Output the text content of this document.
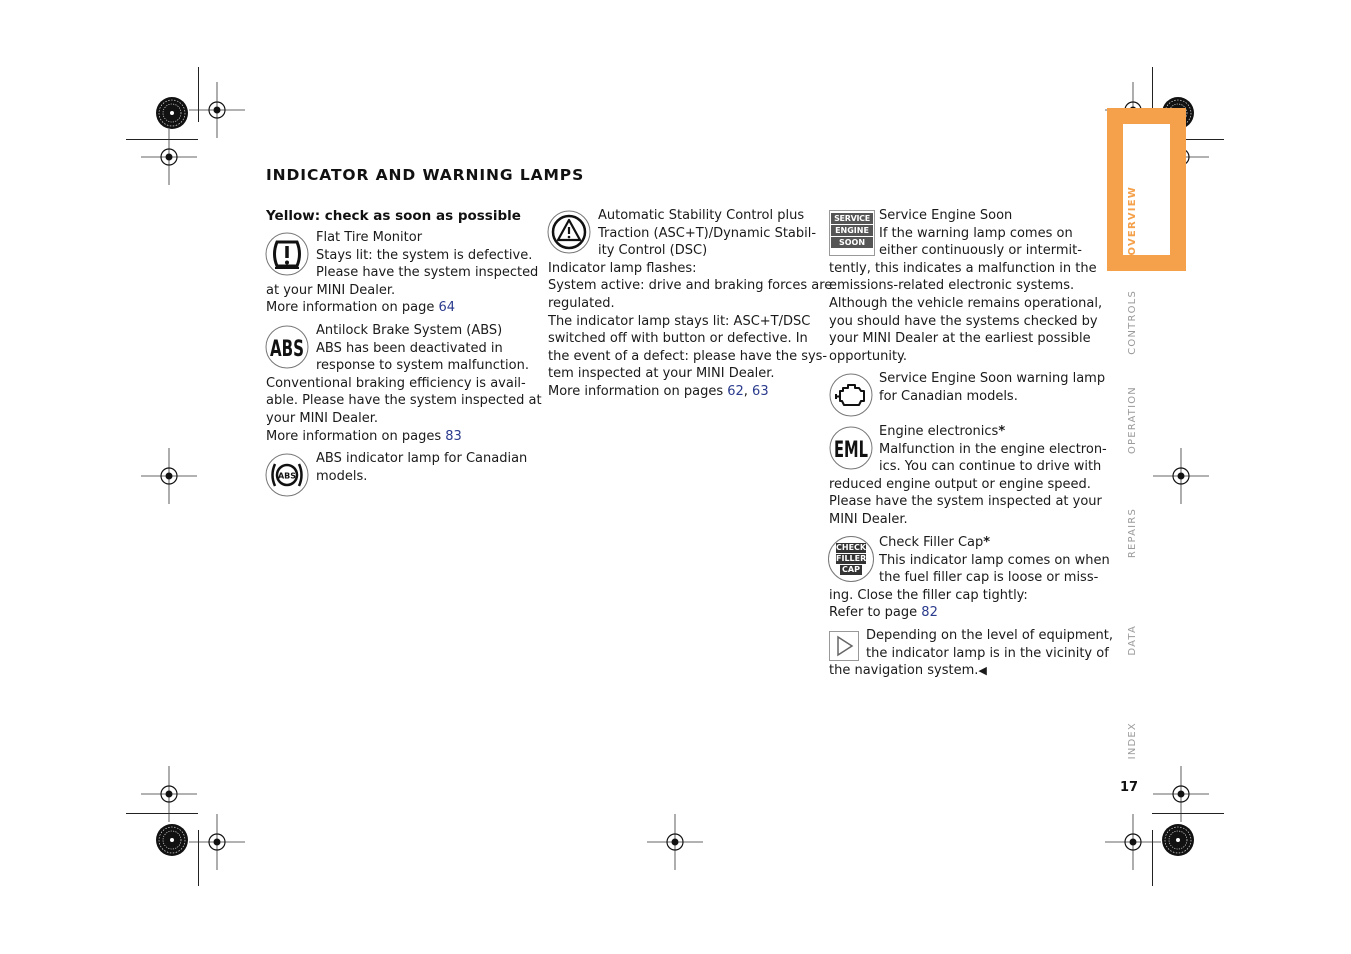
OVERVIEW
CONTROLS
OPERATION
REPAIRS
DATA
INDEX
17
INDICATOR AND WARNING LAMPS
Yellow: check as soon as possible
Flat Tire Monitor
Stays lit: the system is defective.
Please have the system inspected
at your MINI Dealer.
More information on page 64
ABS
Antilock Brake System (ABS)
ABS has been deactivated in
response to system malfunction.
Conventional braking efficiency is avail-
able. Please have the system inspected at
your MINI Dealer.
More information on pages 83
ABS
ABS indicator lamp for Canadian
models.
Automatic Stability Control plus
Traction (ASC+T)/Dynamic Stabil-
ity Control (DSC)
Indicator lamp flashes:
System active: drive and braking forces are
regulated.
The indicator lamp stays lit: ASC+T/DSC
switched off with button or defective. In
the event of a defect: please have the sys-
tem inspected at your MINI Dealer.
More information on pages 62, 63
SERVICE
ENGINE
SOON
Service Engine Soon
If the warning lamp comes on
either continuously or intermit-
tently, this indicates a malfunction in the
emissions-related electronic systems.
Although the vehicle remains operational,
you should have the systems checked by
your MINI Dealer at the earliest possible
opportunity.
Service Engine Soon warning lamp
for Canadian models.
EML
Engine electronics*
Malfunction in the engine electron-
ics. You can continue to drive with
reduced engine output or engine speed.
Please have the system inspected at your
MINI Dealer.
CHECK
FILLER
CAP
Check Filler Cap*
This indicator lamp comes on when
the fuel filler cap is loose or miss-
ing. Close the filler cap tightly:
Refer to page 82
Depending on the level of equipment,
the indicator lamp is in the vicinity of
the navigation system.◀
